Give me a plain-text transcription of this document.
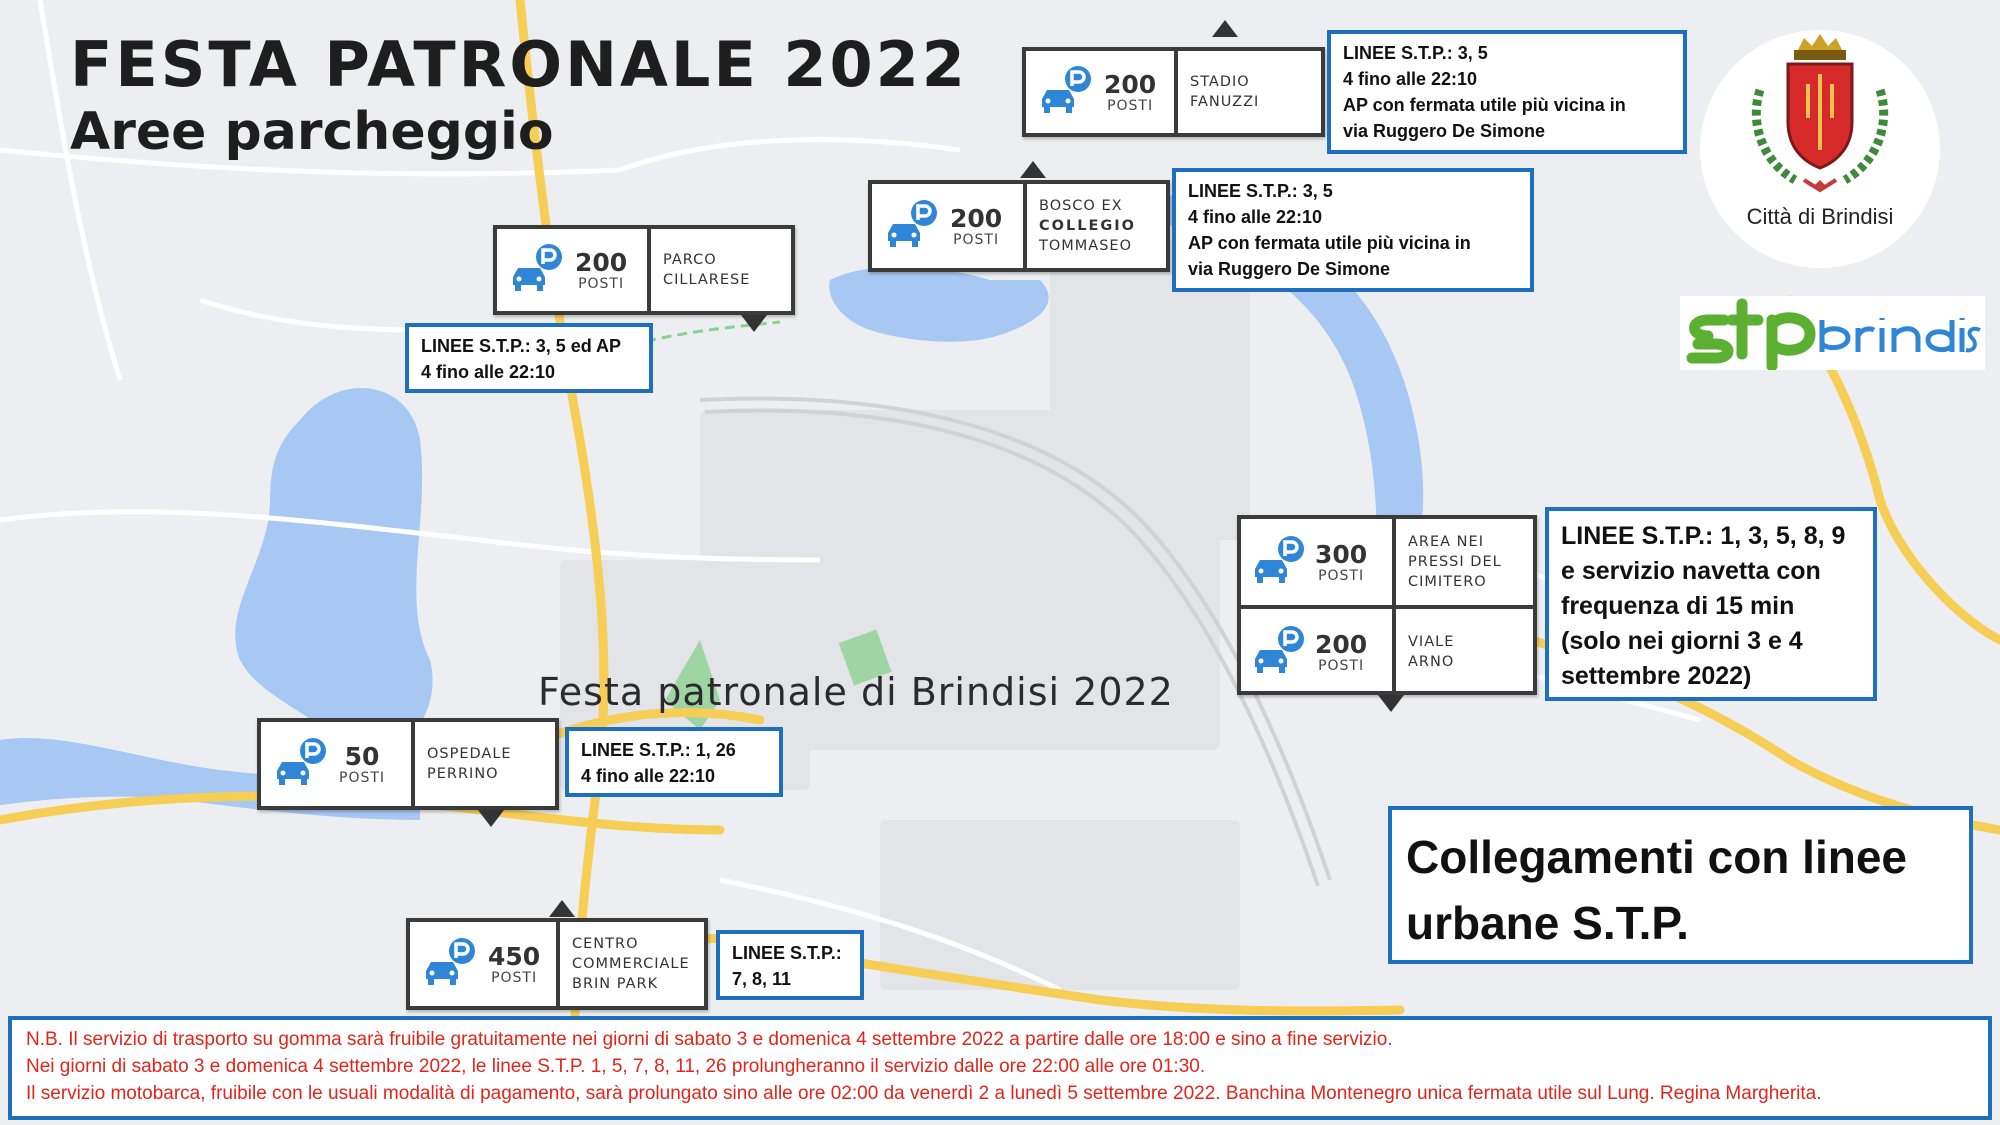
FESTA PATRONALE 2022
Aree parcheggio
Festa patronale di Brindisi 2022
200
POSTI
STADIO
FANUZZI
LINEE S.T.P.: 3, 5
4 fino alle 22:10
AP con fermata utile più vicina in
via Ruggero De Simone
200
POSTI
BOSCO EX
COLLEGIO
TOMMASEO
LINEE S.T.P.: 3, 5
4 fino alle 22:10
AP con fermata utile più vicina in
via Ruggero De Simone
200
POSTI
PARCO
CILLARESE
LINEE S.T.P.: 3, 5 ed AP
4 fino alle 22:10
300
POSTI
AREA NEI
PRESSI DEL
CIMITERO
200
POSTI
VIALE
ARNO
LINEE S.T.P.: 1, 3, 5, 8, 9
e servizio navetta con
frequenza di 15 min
(solo nei giorni 3 e 4
settembre 2022)
50
POSTI
OSPEDALE
PERRINO
LINEE S.T.P.: 1, 26
4 fino alle 22:10
450
POSTI
CENTRO
COMMERCIALE
BRIN PARK
LINEE S.T.P.:
7, 8, 11
Collegamenti con linee
urbane S.T.P.
Città di Brindisi
N.B. Il servizio di trasporto su gomma sarà fruibile gratuitamente nei giorni di sabato 3 e domenica 4 settembre 2022 a partire dalle ore 18:00 e sino a fine servizio.
Nei giorni di sabato 3 e domenica 4 settembre 2022, le linee S.T.P. 1, 5, 7, 8, 11, 26 prolungheranno il servizio dalle ore 22:00 alle ore 01:30.
Il servizio motobarca, fruibile con le usuali modalità di pagamento, sarà prolungato sino alle ore 02:00 da venerdì 2 a lunedì 5 settembre 2022. Banchina Montenegro unica fermata utile sul Lung. Regina Margherita.
